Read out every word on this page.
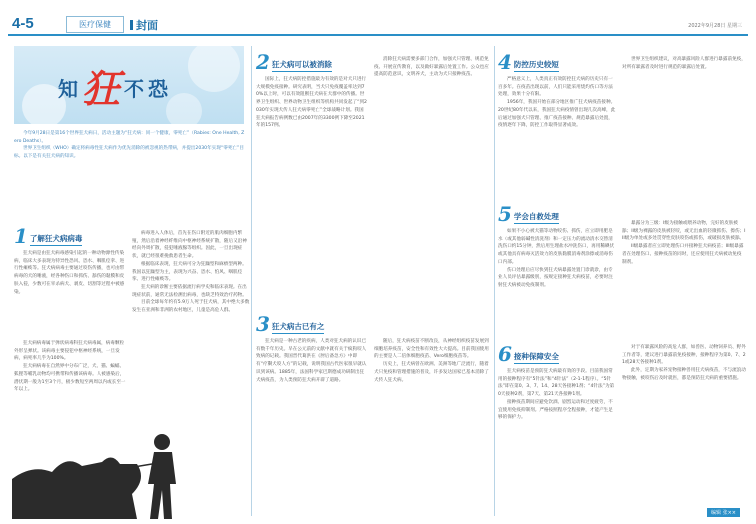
4-5	医疗保健	封面	2022年9月28日 星期三
知狂不恐

今年9月28日是第16个世界狂犬病日，活动主题为“狂犬病：同一个健康，零死亡”（Rabies: One Health, Zero Deaths）。

世界卫生组织（WHO）确定将病毒性狂犬病作为优先消除的被忽视的热带病，并提出2030年实现“零死亡”目标。以下是有关狂犬病的知识。

1 了解狂犬病病毒

狂犬病是由狂犬病毒感染引起的一种动物源性传染病，临床大多表现为特异性恐风、恐水、咽肌痉挛、进行性瘫痪等。狂犬病病毒主要通过咬伤传播，也可由带病毒的犬的唾液，经各种伤口和抓伤、舔伤的黏膜和皮肤入侵，少数可在宰杀病犬、剥皮、切割等过程中被感染。

狂犬病病毒属于弹状病毒科狂犬病毒属，病毒颗粒外形呈弹状。该病毒主要侵犯中枢神经系统，一旦发病，病死率几乎为100%。

狂犬病病毒在自然界中分布广泛，犬、猫、蝙蝠、狐狸等哺乳动物均可携带和传播该病毒。人被感染后，潜伏期一般为1至3个月，极少数短至两周以内或长至一年以上。

病毒进入人体后，首先在伤口附近的肌肉细胞内繁殖，然后沿着神经纤维向中枢神经系统扩散，随后又沿神经向外周扩散，侵犯唾液腺等组织。因此，一旦出现症状，就已经很难挽救患者生命。

根据临床表现，狂犬病可分为狂躁型和麻痹型两种。我国以狂躁型为主，表现为兴奋、恐水、怕风、咽肌痉挛、进行性瘫痪等。

狂犬病的诊断主要依据流行病学史和临床表现。在出现症状前，通常无法检测出病毒，也缺乏特效治疗药物。

目前全球每年约有5.9万人死于狂犬病，其中绝大多数发生在亚洲和非洲的农村地区，儿童是高危人群。

2 狂犬病可以被消除

国际上，狂犬病防控措施最为有效的是对犬只进行大规模免疫接种。研究表明，当犬只免疫覆盖率达到70%以上时，可以有效阻断狂犬病在犬群中的传播。世界卫生组织、世界动物卫生组织等机构共同发起了“到2030年实现犬传人狂犬病零死亡”全球战略计划。我国狂犬病报告病例数已由2007年的3300例下降至2021年的157例。

消除狂犬病需要多部门合作，加强犬只管理、规范免疫、开展宣传教育，以及做好暴露后处置工作。公众也应提高防范意识，文明养犬，主动为犬只接种疫苗。

3 狂犬病古已有之

狂犬病是一种古老的疾病，人类对狂犬病的认识已有数千年历史。早在公元前的文献中就有关于疯狗咬人致病的记载。我国晋代葛洪在《肘后备急方》中即有“疗猘犬咬人方”的记载，说明我国古代医家很早就认识到该病。1885年，法国科学家巴斯德成功研制出狂犬病疫苗，为人类预防狂犬病开辟了道路。

随后，狂犬病疫苗不断改良，从神经组织疫苗发展到细胞培养疫苗，安全性和有效性大大提高。目前我国使用的主要是人二倍体细胞疫苗、Vero细胞疫苗等。

历史上，狂犬病曾在欧洲、美洲等地广泛流行，随着犬只免疫和管理措施的普及，许多发达国家已基本消除了犬传人狂犬病。

4 防控历史较短

严格意义上，人类真正有效防控狂犬病的历史只有一百多年。在疫苗出现以前，人们只能采用烧灼伤口等方法处理，效果十分有限。

1956年，我国开始在部分地区推广狂犬病疫苗接种。20世纪80年代以来，我国狂犬病疫情曾出现几次高峰，此后通过加强犬只管理、推广疫苗接种、规范暴露后处置，疫情逐年下降，防控工作取得显著成效。

世界卫生组织建议，对高暴露风险人群进行暴露前免疫，对所有暴露者及时进行规范的暴露后处置。

5 学会自救处理

如果不小心被犬猫等动物咬伤、抓伤，应立即用肥皂水（或其他弱碱性清洗剂）和一定压力的流动清水交替清洗伤口约15分钟，然后用生理盐水冲洗伤口，再用稀碘伏或其他具有病毒灭活效力的皮肤黏膜消毒剂涂擦或消毒伤口内部。

伤口处理后应尽快到狂犬病暴露处置门诊就诊，由专业人员评估暴露级别，按规定接种狂犬病疫苗，必要时注射狂犬病被动免疫制剂。

暴露分为三级：I级为接触或喂养动物，完好的皮肤被舔；II级为裸露的皮肤被轻咬，或无出血的轻微抓伤、擦伤；III级为单处或多处贯穿性皮肤咬伤或抓伤，或破损皮肤被舔。

II级暴露者应立即处理伤口并接种狂犬病疫苗；III级暴露者在处理伤口、接种疫苗的同时，还应使用狂犬病被动免疫制剂。

6 接种保障安全

狂犬病疫苗是预防狂犬病最有效的手段。目前我国常用的接种程序有“5针法”和“4针法”（2-1-1程序）。“5针法”即在第0、3、7、14、28天各接种1剂；“4针法”为第0天接种2剂，第7天、第21天各接种1剂。

接种疫苗期间应避免饮酒、剧烈运动和过度疲劳，不宜使用免疫抑制剂。严格按照程序全程接种，才能产生足够的保护力。

对于有暴露风险的高危人群，如兽医、动物饲养员、野外工作者等，建议进行暴露前免疫接种，接种程序为第0、7、21或28天各接种1剂。

此外，定期为家养宠物接种兽用狂犬病疫苗，不与流浪动物接触，被咬伤后及时就医，都是预防狂犬病的重要措施。

编辑 张××
